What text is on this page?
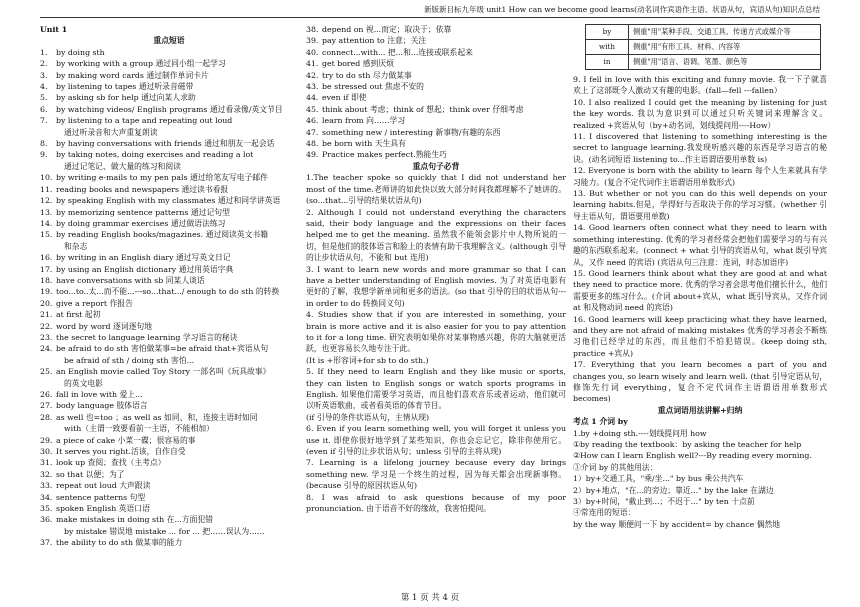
新版新目标九年级 unit1 How can we become good learns(动名词作宾语作主语、状语从句，宾语从句)知识点总结
Unit 1
重点短语
1. by doing sth
2. by working with a group 通过同小组一起学习
3. by making word cards 通过制作单词卡片
4. by listening to tapes 通过听录音磁带
5. by asking sb for help 通过向某人求助
6. by watching videos/ English programs 通过看录像/英文节目
7. by listening to a tape and repeating out loud
通过听录音和大声重复朗读
8. by having conversations with friends 通过和朋友一起会话
9. by taking notes, doing exercises and reading a lot
通过记笔记、做大量的练习和阅读
10. by writing e-mails to my pen pals 通过给笔友写电子邮件
11. reading books and newspapers 通过读书看报
12. by speaking English with my classmates 通过和同学讲英语
13. by memorizing sentence patterns 通过记句型
14. by doing grammar exercises 通过做语法练习
15. by reading English books/magazines. 通过阅读英文书籍
和杂志
16. by writing in an English diary 通过写英文日记
17. by using an English dictionary 通过用英语字典
18. have conversations with sb 同某人谈话
19. too...to..太...而不能...---so...that.../ enough to do sth 的转换
20. give a report 作报告
21. at first 起初
22. word by word 逐词逐句地
23. the secret to language learning 学习语言的秘诀
24. be afraid to do sth 害怕做某事=be afraid that+宾语从句
be afraid of sth / doing sth 害怕...
25. an English movie called Toy Story 一部名叫《玩具故事》
的英文电影
26. fall in love with 爱上...
27. body language 肢体语言
28. as well 也=too ；as well as 如同、和，连接主语时如同
with（主谓一致要看前一主语，不能相加）
29. a piece of cake 小菜一碟；很容易的事
30. It serves you right.活该，自作自受
31. look up 查阅；查找（主考点）
32. so that 以便；为了
33. repeat out loud 大声跟读
34. sentence patterns 句型
35. spoken English 英语口语
36. make mistakes in doing sth 在...方面犯错
by mistake 错误地 mistake ... for ... 把……误认为……
37. the ability to do sth 做某事的能力
38. depend on 视...而定；取决于；依靠
39. pay attention to 注意；关注
40. connect...with... 把...和...连接或联系起来
41. get bored 感到厌烦
42. try to do sth 尽力做某事
43. be stressed out 焦虑不安的
44. even if 即使
45. think about 考虑；think of 想起；think over 仔细考虑
46. learn from 向……学习
47. something new / interesting 新事物/有趣的东西
48. be born with 天生具有
49. Practice makes perfect.熟能生巧
重点句子必背
1.The teacher spoke so quickly that I did not understand her most of the time.老师讲的如此快以致大部分时间我都理解不了她讲的。(so...that...引导的结果状语从句)
2. Although I could not understand everything the characters said, their body language and the expressions on their faces helped me to get the meaning. 虽然我不能领会影片中人物所说的一切，但是他们的肢体语言和脸上的表情有助于我理解含义。(although 引导的让步状语从句，不能和 but 连用)
3. I want to learn new words and more grammar so that I can have a better understanding of English movies. 为了对英语电影有更好的了解，我想学新单词和更多的语法。(so that 引导的目的状语从句---in order to do 转换同义句)
4. Studies show that if you are interested in something, your brain is more active and it is also easier for you to pay attention to it for a long time. 研究表明如果你对某事物感兴趣，你的大脑就更活跃，也更容易长久地专注于此。
(It is +形容词+for sb to do sth.)
5. If they need to learn English and they like music or sports, they can listen to English songs or watch sports programs in English. 如果他们需要学习英语，而且他们喜欢音乐或者运动，他们就可以听英语歌曲，或者看英语的体育节目。
(if 引导的条件状语从句，主情从现)
6. Even if you learn something well, you will forget it unless you use it. 即使你很好地学到了某些知识，你也会忘记它，除非你使用它。(even if 引导的让步状语从句；unless 引导的主将从现)
7. Learning is a lifelong journey because every day brings something new. 学习是一个终生的过程，因为每天都会出现新事物。(because 引导的原因状语从句)
8. I was afraid to ask questions because of my poor pronunciation. 由于语音不好的缘故，我害怕提问。
by	侧重"用"某种手段、交通工具、传递方式或媒介等
with	侧重"用"有形工具、材料、内容等
in	侧重"用"语言、语调、笔墨、颜色等
9. I fell in love with this exciting and funny movie. 我一下子就喜欢上了这部既令人激动又有趣的电影。(fall—fell ---fallen）
10. I also realized I could get the meaning by listening for just the key words. 我以为意识到可以通过只听关键词来理解含义。realized +宾语从句（by+动名词，划线提问用----How）
11. I discovered that listening to something interesting is the secret to language learning.我发现听感兴趣的东西是学习语言的秘诀。(动名词短语 listening to...作主语谓语要用单数 is)
12. Everyone is born with the ability to learn 每个人生来就具有学习能力。(复合不定代词作主语谓语用单数形式)
13. But whether or not you can do this well depends on your learning habits.但是，学得好与否取决于你的学习习惯。(whether 引导主语从句，谓语要用单数)
14. Good learners often connect what they need to learn with something interesting. 优秀的学习者经常会把他们需要学习的与有兴趣的东西联系起来。(connect + what 引导的宾语从句，what 既引导宾从，又作 need 的宾语) (宾语从句三注意：连词，时态加语序)
15. Good learners think about what they are good at and what they need to practice more. 优秀的学习者会思考他们擅长什么，他们需要更多的练习什么。(介词 about+宾从，what 既引导宾从，又作介词 at 和及物动词 need 的宾语)
16. Good learners will keep practicing what they have learned, and they are not afraid of making mistakes 优秀的学习者会不断练习他们已经学过的东西，而且他们不怕犯错误。(keep doing sth, practice +宾从)
17. Everything that you learn becomes a part of you and changes you, so learn wisely and learn well. (that 引导定语从句，修饰先行词 everything，复合不定代词作主语谓语用单数形式 becomes)
重点词语用法讲解+归纳
考点 1 介词 by
1.by +doing sth.----划线提问用 how
①by reading the textbook：by asking the teacher for help
②How can I learn English well?---By reading every morning.
③介词 by 的其他用法：
1）by+交通工具，"乘/坐..." by bus 乘公共汽车
2）by+地点，"在...的旁边；靠近..." by the lake 在湖边
3）by+时间，"截止到...；不迟于..." by ten 十点前
④常连用的短语：
by the way 顺便问一下 by accident= by chance 偶然地
第 1 页 共 4 页
